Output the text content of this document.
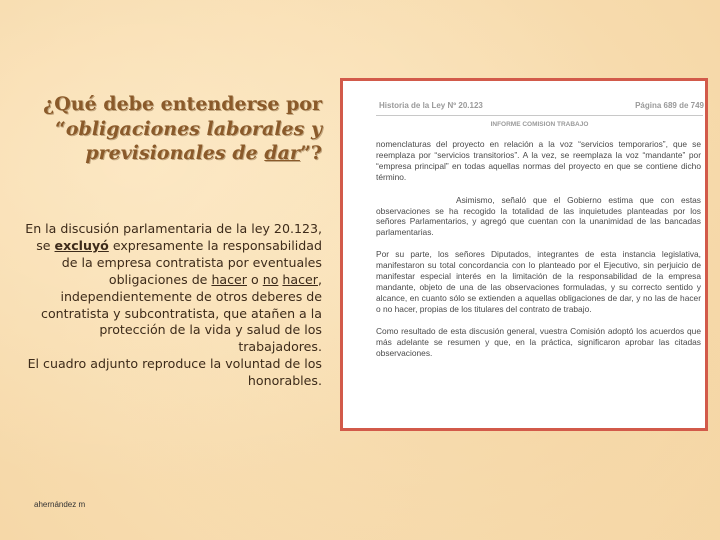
¿Qué debe entenderse por “obligaciones laborales y previsionales de dar”?

En la discusión parlamentaria de la ley 20.123, se excluyó expresamente la responsabilidad de la empresa contratista por eventuales obligaciones de hacer o no hacer, independientemente de otros deberes de contratista y subcontratista, que atañen a la protección de la vida y salud de los trabajadores.
El cuadro adjunto reproduce la voluntad de los honorables.

ahernández m
Historia de la Ley Nº 20.123	Página 689 de 749
INFORME COMISION TRABAJO

nomenclaturas del proyecto en relación a la voz “servicios temporarios”, que se reemplaza por “servicios transitorios”. A la vez, se reemplaza la voz “mandante” por “empresa principal” en todas aquellas normas del proyecto en que se contiene dicho término.

Asimismo, señaló que el Gobierno estima que con estas observaciones se ha recogido la totalidad de las inquietudes planteadas por los señores Parlamentarios, y agregó que cuentan con la unanimidad de las bancadas parlamentarias.

Por su parte, los señores Diputados, integrantes de esta instancia legislativa, manifestaron su total concordancia con lo planteado por el Ejecutivo, sin perjuicio de manifestar especial interés en la limitación de la responsabilidad de la empresa mandante, objeto de una de las observaciones formuladas, y su correcto sentido y alcance, en cuanto sólo se extienden a aquellas obligaciones de dar, y no las de hacer o no hacer, propias de los titulares del contrato de trabajo.

Como resultado de esta discusión general, vuestra Comisión adoptó los acuerdos que más adelante se resumen y que, en la práctica, significaron aprobar las citadas observaciones.
